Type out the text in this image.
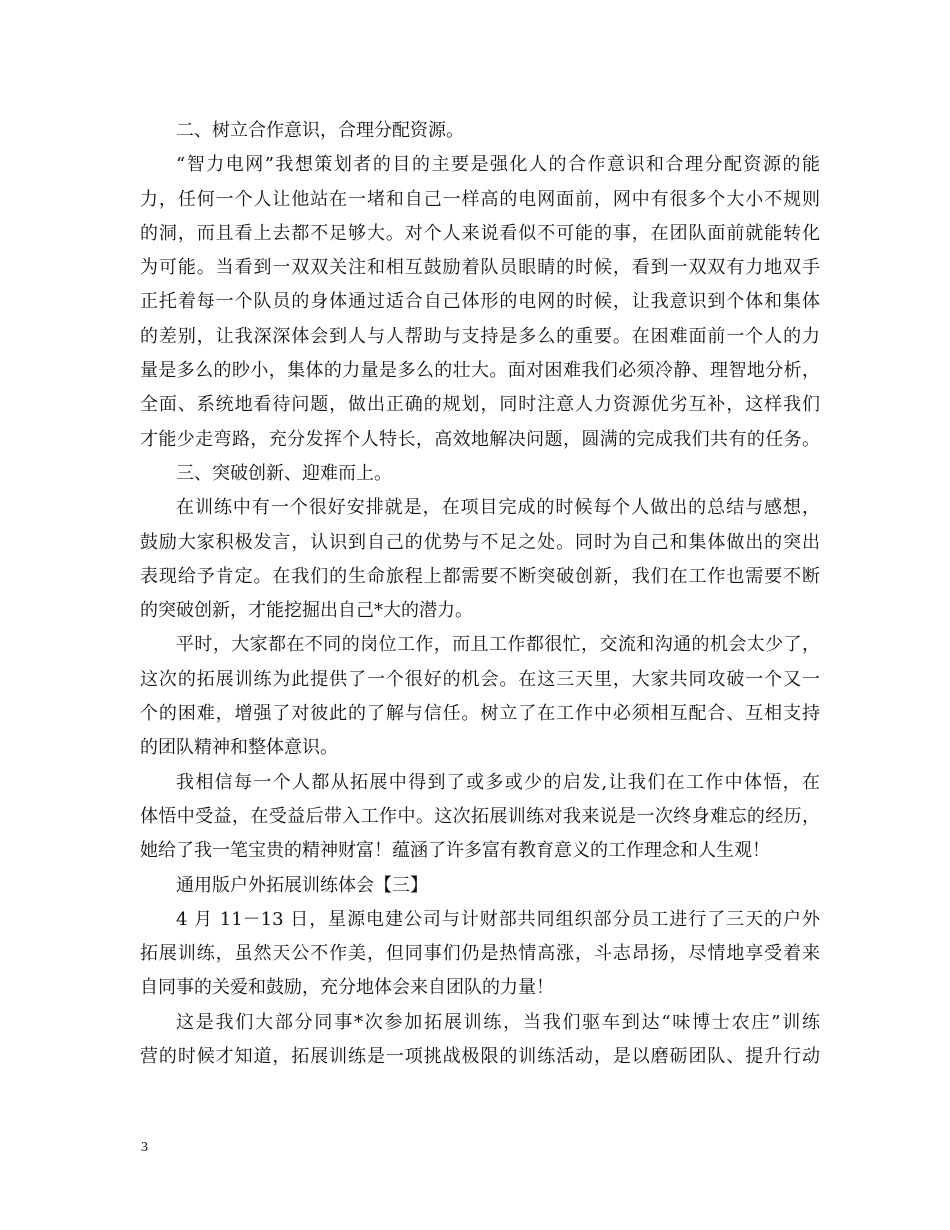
二、树立合作意识，合理分配资源。
“智力电网”我想策划者的目的主要是强化人的合作意识和合理分配资源的能
力，任何一个人让他站在一堵和自己一样高的电网面前，网中有很多个大小不规则
的洞，而且看上去都不足够大。对个人来说看似不可能的事，在团队面前就能转化
为可能。当看到一双双关注和相互鼓励着队员眼睛的时候，看到一双双有力地双手
正托着每一个队员的身体通过适合自己体形的电网的时候，让我意识到个体和集体
的差别，让我深深体会到人与人帮助与支持是多么的重要。在困难面前一个人的力
量是多么的眇小，集体的力量是多么的壮大。面对困难我们必须冷静、理智地分析，
全面、系统地看待问题，做出正确的规划，同时注意人力资源优劣互补，这样我们
才能少走弯路，充分发挥个人特长，高效地解决问题，圆满的完成我们共有的任务。
三、突破创新、迎难而上。
在训练中有一个很好安排就是，在项目完成的时候每个人做出的总结与感想，
鼓励大家积极发言，认识到自己的优势与不足之处。同时为自己和集体做出的突出
表现给予肯定。在我们的生命旅程上都需要不断突破创新，我们在工作也需要不断
的突破创新，才能挖掘出自己*大的潜力。
平时，大家都在不同的岗位工作，而且工作都很忙，交流和沟通的机会太少了，
这次的拓展训练为此提供了一个很好的机会。在这三天里，大家共同攻破一个又一
个的困难，增强了对彼此的了解与信任。树立了在工作中必须相互配合、互相支持
的团队精神和整体意识。
我相信每一个人都从拓展中得到了或多或少的启发,让我们在工作中体悟，在
体悟中受益，在受益后带入工作中。这次拓展训练对我来说是一次终身难忘的经历，
她给了我一笔宝贵的精神财富！蕴涵了许多富有教育意义的工作理念和人生观！
通用版户外拓展训练体会【三】
4 月 11－13 日，星源电建公司与计财部共同组织部分员工进行了三天的户外
拓展训练，虽然天公不作美，但同事们仍是热情高涨，斗志昂扬，尽情地享受着来
自同事的关爱和鼓励，充分地体会来自团队的力量！
这是我们大部分同事*次参加拓展训练，当我们驱车到达“味博士农庄”训练
营的时候才知道，拓展训练是一项挑战极限的训练活动，是以磨砺团队、提升行动
3
